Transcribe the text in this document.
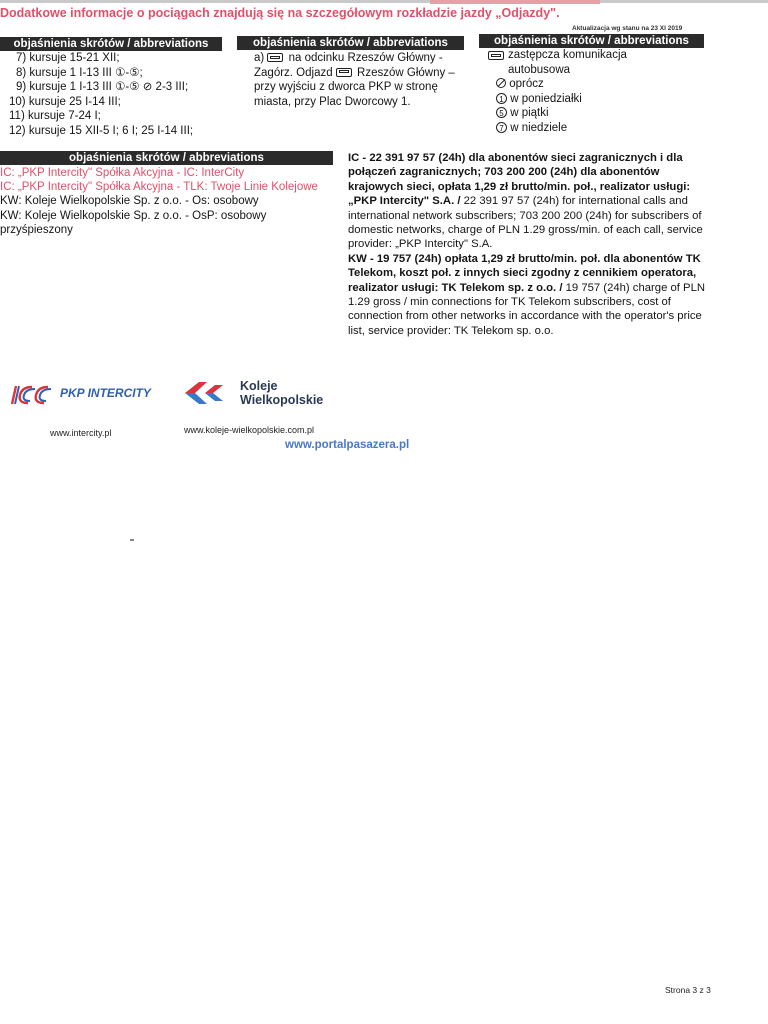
Dodatkowe informacje o pociągach znajdują się na szczegółowym rozkładzie jazdy „Odjazdy".
Aktualizacja wg stanu na 23 XI 2019
objaśnienia skrótów / abbreviations	objaśnienia skrótów / abbreviations	objaśnienia skrótów / abbreviations
7) kursuje 15-21 XII;
8) kursuje 1 I-13 III ①-⑤;
9) kursuje 1 I-13 III ①-⑤ ⊘ 2-3 III;
10) kursuje 25 I-14 III;
11) kursuje 7-24 I;
12) kursuje 15 XII-5 I; 6 I; 25 I-14 III;
a) na odcinku Rzeszów Główny - Zagórz. Odjazd Rzeszów Główny – przy wyjściu z dworca PKP w stronę miasta, przy Plac Dworcowy 1.
zastępcza komunikacja autobusowa
oprócz
1 w poniedziałki
5 w piątki
7 w niedziele
objaśnienia skrótów / abbreviations
IC: „PKP Intercity" Spółka Akcyjna - IC: InterCity
IC: „PKP Intercity" Spółka Akcyjna - TLK: Twoje Linie Kolejowe
KW: Koleje Wielkopolskie Sp. z o.o. - Os: osobowy
KW: Koleje Wielkopolskie Sp. z o.o. - OsP: osobowy przyśpieszony
IC - 22 391 97 57 (24h) dla abonentów sieci zagranicznych i dla połączeń zagranicznych; 703 200 200 (24h) dla abonentów krajowych sieci, opłata 1,29 zł brutto/min. poł., realizator usługi: „PKP Intercity" S.A. / 22 391 97 57 (24h) for international calls and international network subscribers; 703 200 200 (24h) for subscribers of domestic networks, charge of PLN 1.29 gross/min. of each call, service provider: „PKP Intercity" S.A.
KW - 19 757 (24h) opłata 1,29 zł brutto/min. poł. dla abonentów TK Telekom, koszt poł. z innych sieci zgodny z cennikiem operatora, realizator usługi: TK Telekom sp. z o.o. / 19 757 (24h) charge of PLN 1.29 gross / min connections for TK Telekom subscribers, cost of connection from other networks in accordance with the operator's price list, service provider: TK Telekom sp. o.o.
PKP INTERCITY	Koleje
Wielkopolskie
www.intercity.pl	www.koleje-wielkopolskie.com.pl
www.portalpasazera.pl
Strona 3 z 3
